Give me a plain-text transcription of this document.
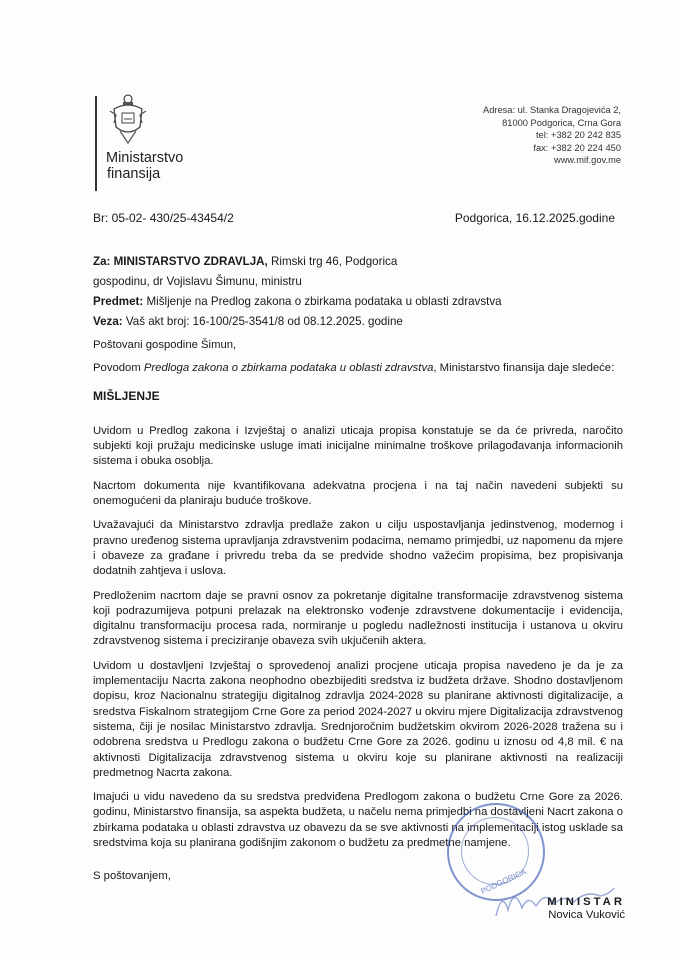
Ministarstvo
finansija
Adresa: ul. Stanka Dragojevića 2,
81000 Podgorica, Crna Gora
tel: +382 20 242 835
fax: +382 20 224 450
www.mif.gov.me
Br: 05-02- 430/25-43454/2	Podgorica, 16.12.2025.godine
Za: MINISTARSTVO ZDRAVLJA, Rimski trg 46, Podgorica
gospodinu, dr Vojislavu Šimunu, ministru
Predmet: Mišljenje na Predlog zakona o zbirkama podataka u oblasti zdravstva
Veza: Vaš akt broj: 16-100/25-3541/8 od 08.12.2025. godine

Poštovani gospodine Šimun,

Povodom Predloga zakona o zbirkama podataka u oblasti zdravstva, Ministarstvo finansija daje sledeće:

MIŠLJENJE

Uvidom u Predlog zakona i Izvještaj o analizi uticaja propisa konstatuje se da će privreda, naročito subjekti koji pružaju medicinske usluge imati inicijalne minimalne troškove prilagođavanja informacionih sistema i obuka osoblja.

Nacrtom dokumenta nije kvantifikovana adekvatna procjena i na taj način navedeni subjekti su onemogućeni da planiraju buduće troškove.

Uvažavajući da Ministarstvo zdravlja predlaže zakon u cilju uspostavljanja jedinstvenog, modernog i pravno uređenog sistema upravljanja zdravstvenim podacima, nemamo primjedbi, uz napomenu da mjere i obaveze za građane i privredu treba da se predvide shodno važećim propisima, bez propisivanja dodatnih zahtjeva i uslova.

Predloženim nacrtom daje se pravni osnov za pokretanje digitalne transformacije zdravstvenog sistema koji podrazumijeva potpuni prelazak na elektronsko vođenje zdravstvene dokumentacije i evidencija, digitalnu transformaciju procesa rada, normiranje u pogledu nadležnosti institucija i ustanova u okviru zdravstvenog sistema i preciziranje obaveza svih ukjučenih aktera.

Uvidom u dostavljeni Izvještaj o sprovedenoj analizi procjene uticaja propisa navedeno je da je za implementaciju Nacrta zakona neophodno obezbijediti sredstva iz budžeta države. Shodno dostavljenom dopisu, kroz Nacionalnu strategiju digitalnog zdravlja 2024-2028 su planirane aktivnosti digitalizacije, a sredstva Fiskalnom strategijom Crne Gore za period 2024-2027 u okviru mjere Digitalizacija zdravstvenog sistema, čiji je nosilac Ministarstvo zdravlja. Srednjoročnim budžetskim okvirom 2026-2028 tražena su i odobrena sredstva u Predlogu zakona o budžetu Crne Gore za 2026. godinu u iznosu od 4,8 mil. € na aktivnosti Digitalizacija zdravstvenog sistema u okviru koje su planirane aktivnosti na realizaciji predmetnog Nacrta zakona.

Imajući u vidu navedeno da su sredstva predviđena Predlogom zakona o budžetu Crne Gore za 2026. godinu, Ministarstvo finansija, sa aspekta budžeta, u načelu nema primjedbi na dostavljeni Nacrt zakona o zbirkama podataka u oblasti zdravstva uz obavezu da se sve aktivnosti na implementaciji istog usklade sa sredstvima koja su planirana godišnjim zakonom o budžetu za predmetne namjene.

S poštovanjem,	PODGORICA
MINISTAR
Novica Vuković
